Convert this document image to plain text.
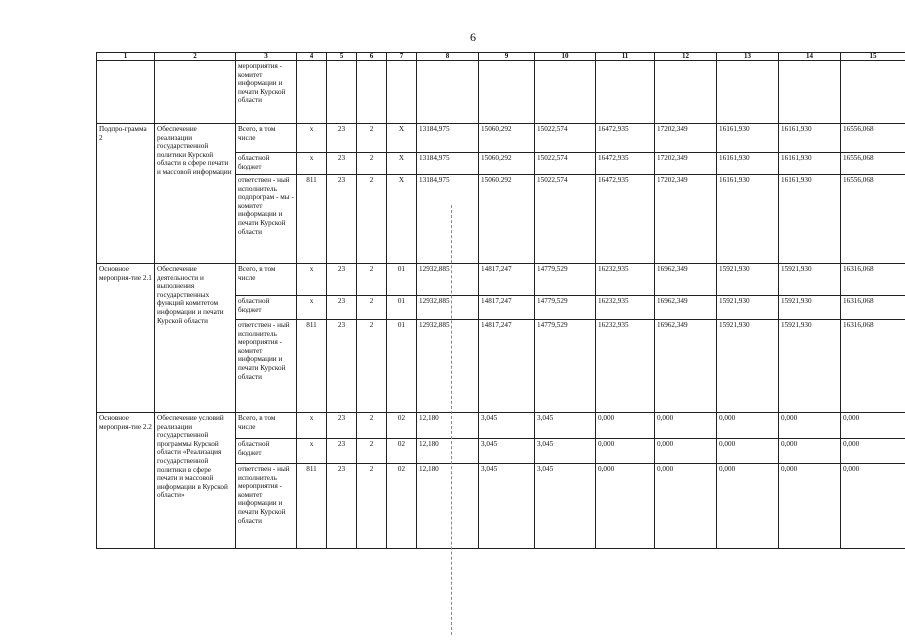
6
1	2	3	4	5	6	7	8	9	10	11	12	13	14	15
		мероприятия - комитет информации и печати Курской области												
Подпро-грамма 2	Обеспечение реализации государственной политики Курской области в сфере печати и массовой информации	Всего, в том числе	x	23	2	X	13184,975	15060,292	15022,574	16472,935	17202,349	16161,930	16161,930	16556,068
		областной бюджет	x	23	2	X	13184,975	15060,292	15022,574	16472,935	17202,349	16161,930	16161,930	16556,068
		ответствен - ный исполнитель подпрограм - мы - комитет информации и печати Курской области	811	23	2	X	13184,975	15060.292	15022,574	16472,935	17202,349	16161,930	16161,930	16556,068
Основное мероприя-тие 2.1	Обеспечение деятельности и выполнения государственных функций комитетом информации и печати Курской области	Всего, в том числе	x	23	2	01	12932,885	14817,247	14779,529	16232,935	16962,349	15921,930	15921,930	16316,068
		областной бюджет	x	23	2	01	12932,885	14817,247	14779,529	16232,935	16962,349	15921,930	15921,930	16316,068
		ответствен - ный исполнитель мероприятия - комитет информации и печати Курской области	811	23	2	01	12932,885	14817,247	14779,529	16232,935	16962,349	15921,930	15921,930	16316,068
Основное мероприя-тие 2.2	Обеспечение условий реализации государственной программы Курской области «Реализация государственной политики в сфере печати и массовой информации в Курской области»	Всего, в том числе	x	23	2	02	12,180	3,045	3,045	0,000	0,000	0,000	0,000	0,000
		областной бюджет	x	23	2	02	12,180	3,045	3,045	0,000	0,000	0,000	0,000	0,000
		ответствен - ный исполнитель мероприятия - комитет информации и печати Курской области	811	23	2	02	12,180	3,045	3,045	0,000	0,000	0,000	0,000	0,000
